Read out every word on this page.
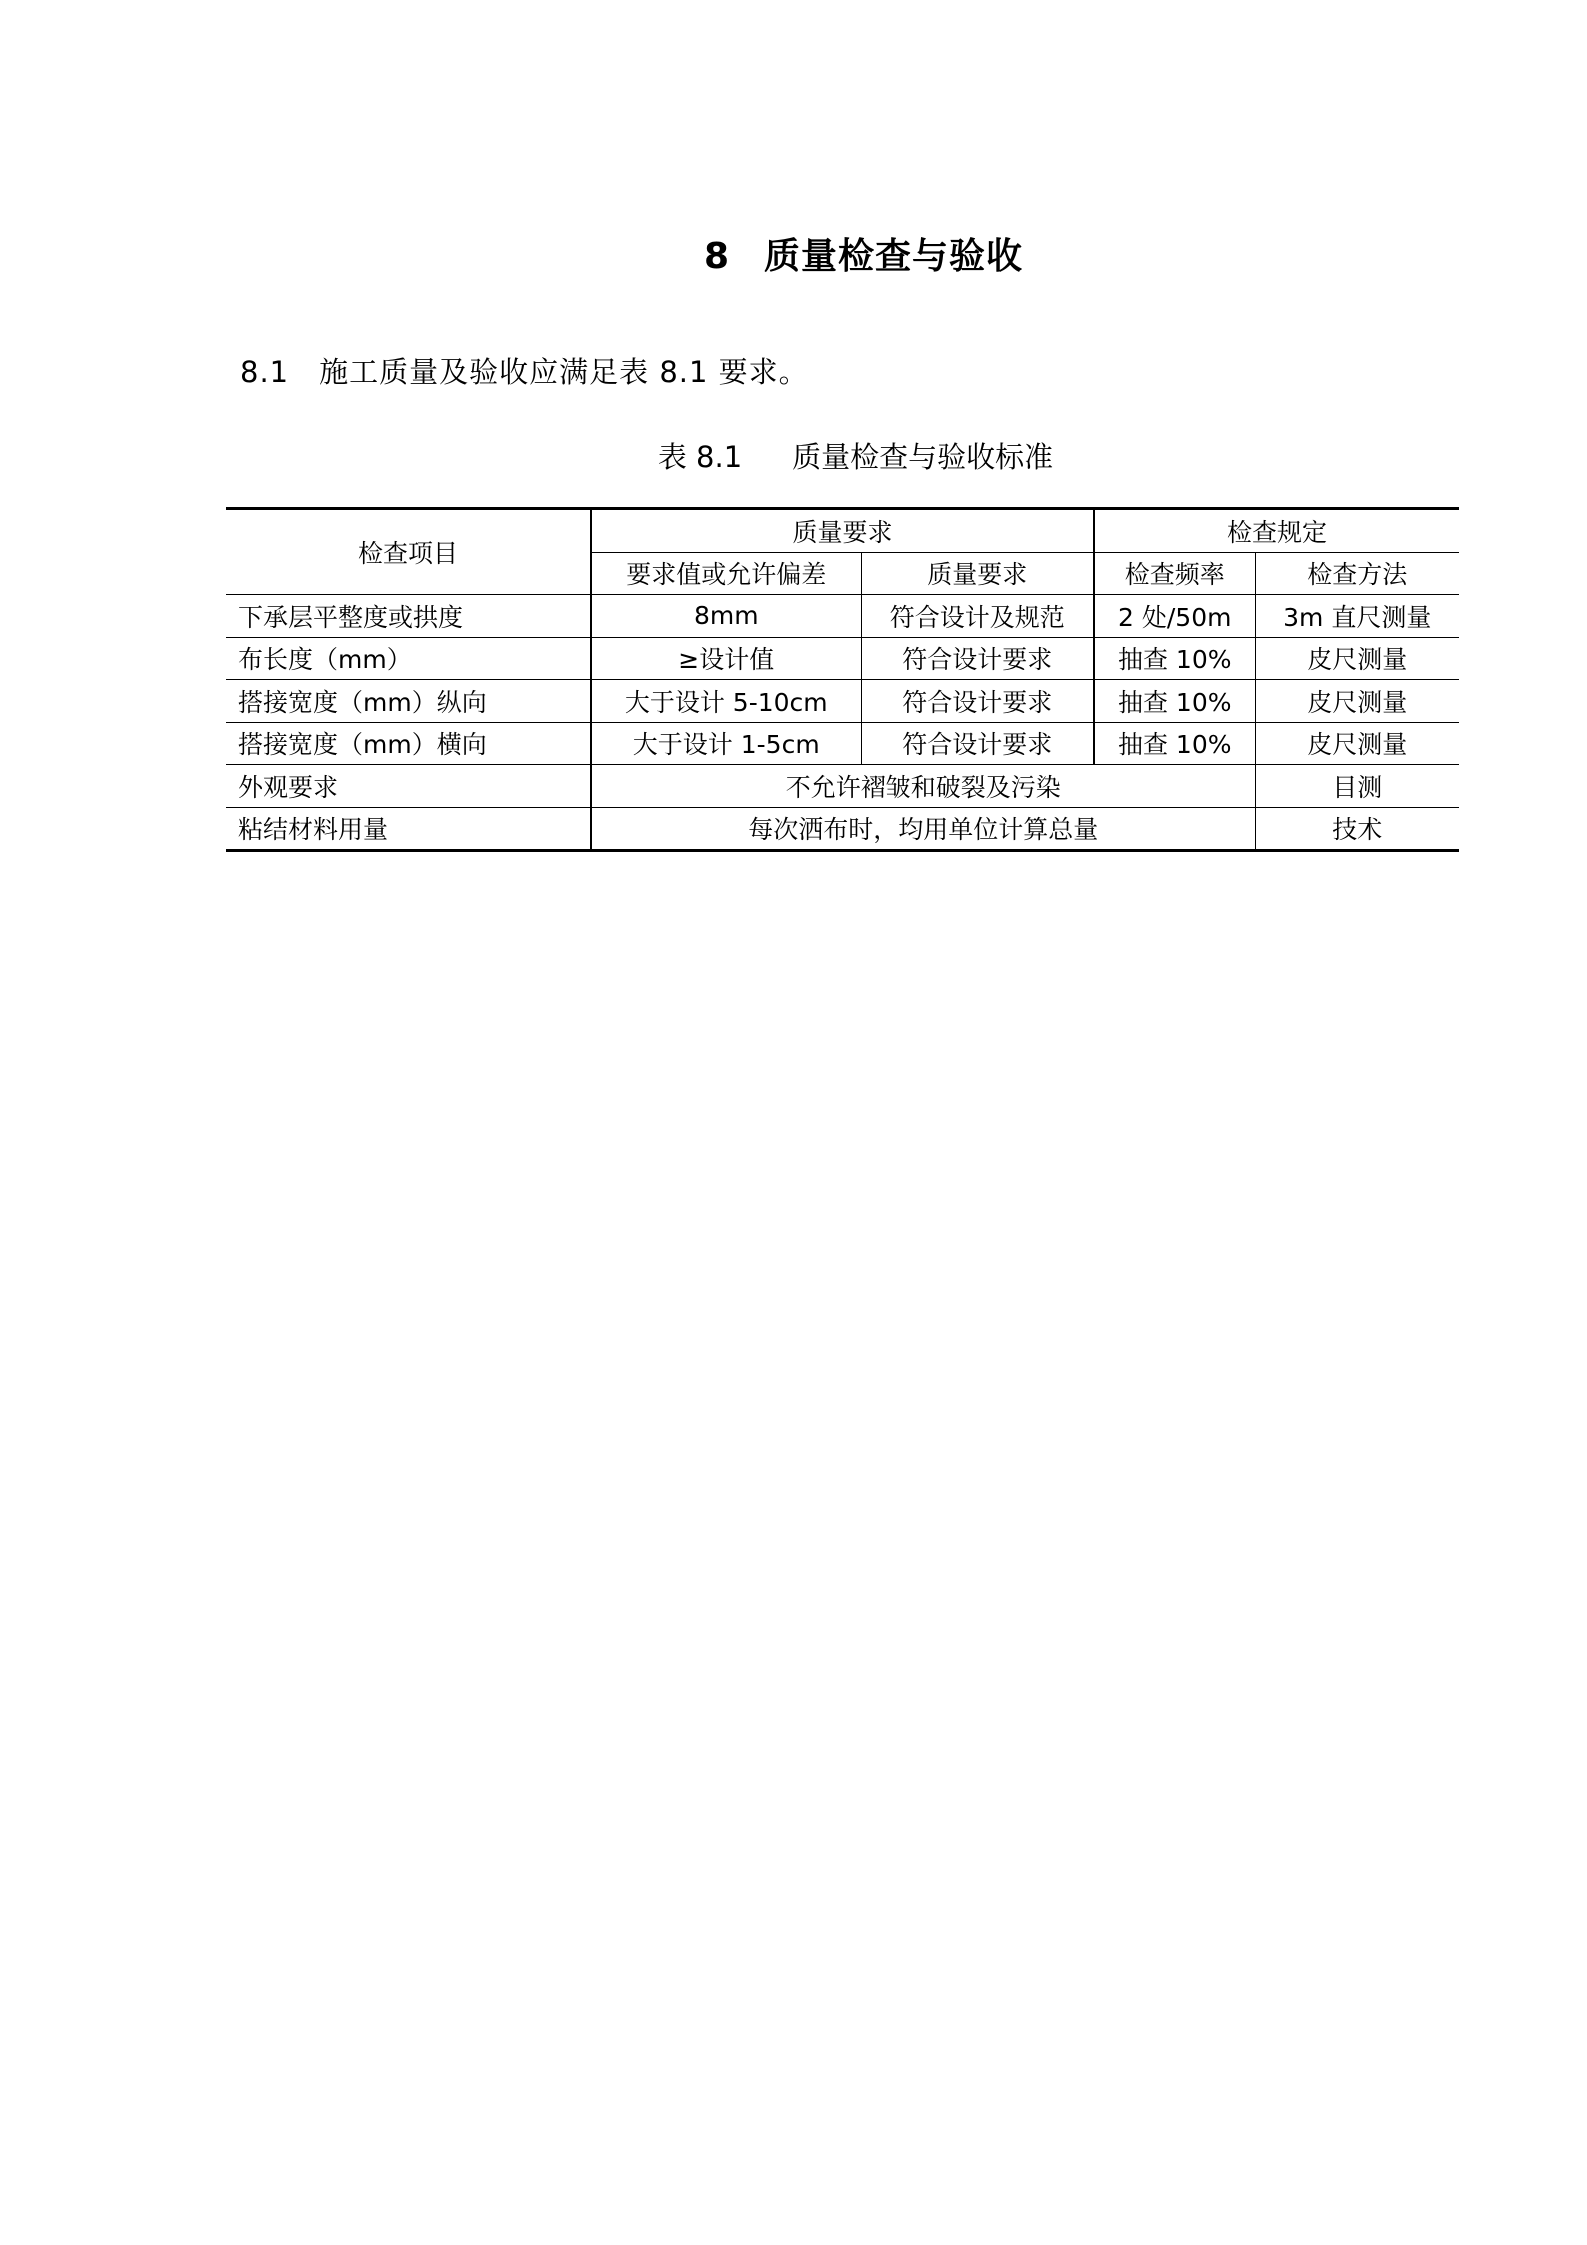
8 质量检查与验收
8.1 施工质量及验收应满足表 8.1 要求。
表 8.1 质量检查与验收标准
检查项目	质量要求		检查规定	
	要求值或允许偏差	质量要求	检查频率	检查方法
下承层平整度或拱度	8mm	符合设计及规范	2 处/50m	3m 直尺测量
布长度（mm）	≥设计值	符合设计要求	抽查 10%	皮尺测量
搭接宽度（mm）纵向	大于设计 5-10cm	符合设计要求	抽查 10%	皮尺测量
搭接宽度（mm）横向	大于设计 1-5cm	符合设计要求	抽查 10%	皮尺测量
外观要求	不允许褶皱和破裂及污染			目测
粘结材料用量	每次洒布时，均用单位计算总量			技术
